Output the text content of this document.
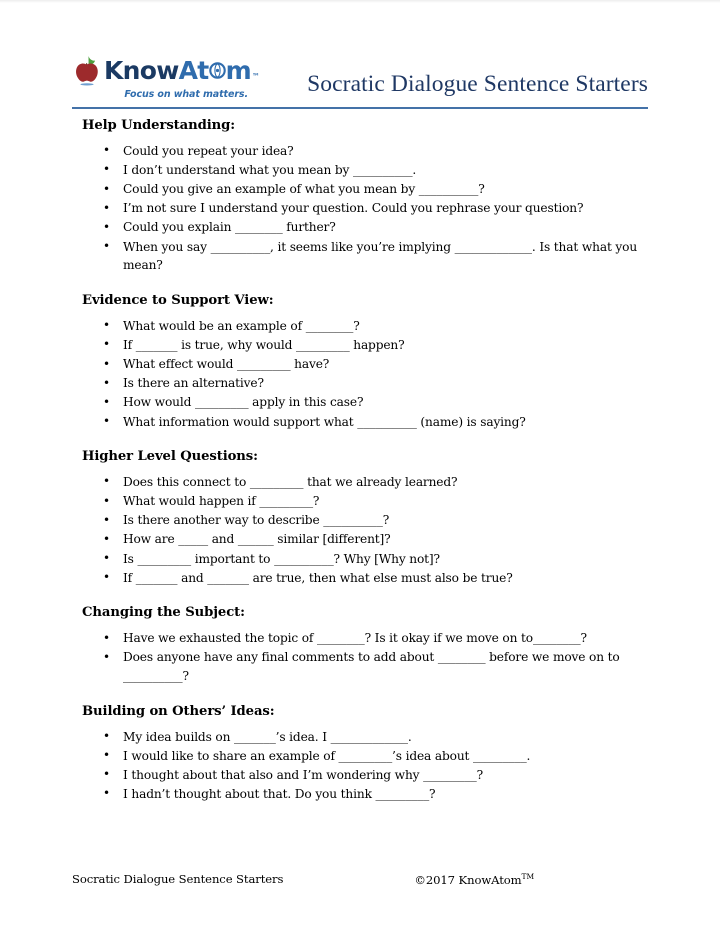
Know At m ™
Focus on what matters.	Socratic Dialogue Sentence Starters
Help Understanding:
• Could you repeat your idea?
• I don’t understand what you mean by __________.
• Could you give an example of what you mean by __________?
• I’m not sure I understand your question. Could you rephrase your question?
• Could you explain ________ further?
• When you say __________, it seems like you’re implying _____________. Is that what you mean?
Evidence to Support View:
• What would be an example of ________?
• If _______ is true, why would _________ happen?
• What effect would _________ have?
• Is there an alternative?
• How would _________ apply in this case?
• What information would support what __________ (name) is saying?
Higher Level Questions:
• Does this connect to _________ that we already learned?
• What would happen if _________?
• Is there another way to describe __________?
• How are _____ and ______ similar [different]?
• Is _________ important to __________? Why [Why not]?
• If _______ and _______ are true, then what else must also be true?
Changing the Subject:
• Have we exhausted the topic of ________? Is it okay if we move on to________?
• Does anyone have any final comments to add about ________ before we move on to __________?
Building on Others’ Ideas:
• My idea builds on _______’s idea. I _____________.
• I would like to share an example of _________’s idea about _________.
• I thought about that also and I’m wondering why _________?
• I hadn’t thought about that. Do you think _________?
Socratic Dialogue Sentence Starters	©2017 KnowAtom™
